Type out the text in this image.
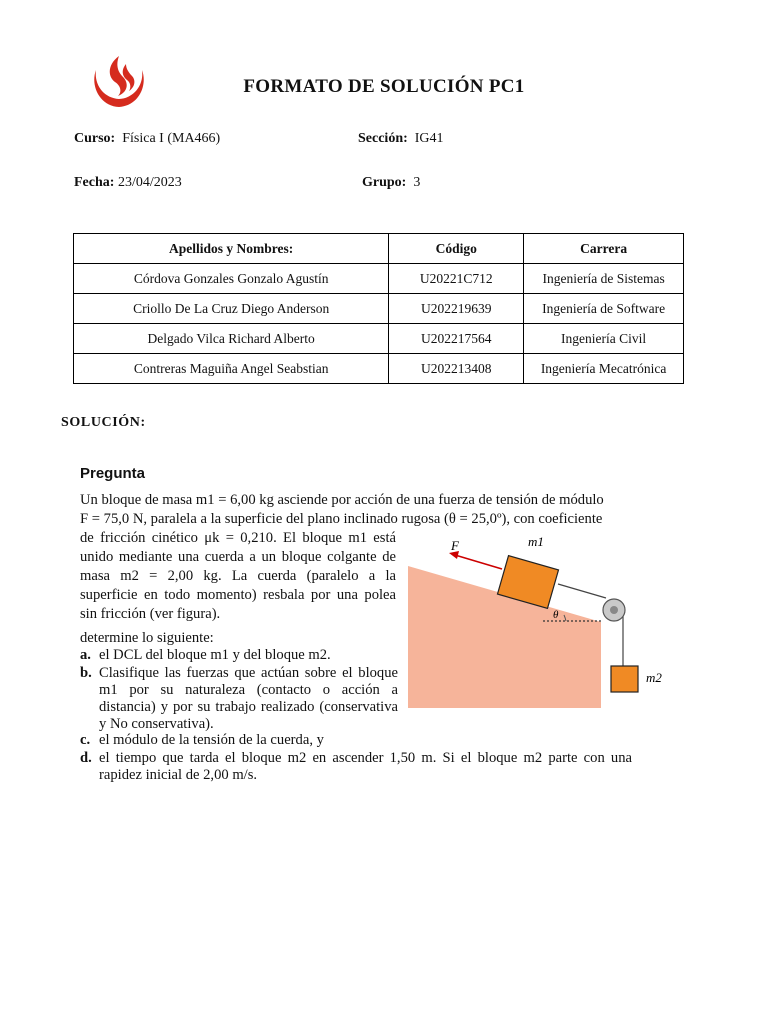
FORMATO DE SOLUCIÓN PC1
Curso: Física I (MA466)	Sección: IG41
Fecha: 23/04/2023	Grupo: 3
Apellidos y Nombres:	Código	Carrera
Córdova Gonzales Gonzalo Agustín	U20221C712	Ingeniería de Sistemas
Criollo De La Cruz Diego Anderson	U202219639	Ingeniería de Software
Delgado Vilca Richard Alberto	U202217564	Ingeniería Civil
Contreras Maguiña Angel Seabstian	U202213408	Ingeniería Mecatrónica
SOLUCIÓN:
Pregunta
Un bloque de masa m1 = 6,00 kg asciende por acción de una fuerza de tensión de módulo
F = 75,0 N, paralela a la superficie del plano inclinado rugosa (θ = 25,0º), con coeficiente
de fricción cinético μk = 0,210. El bloque m1 está unido mediante una cuerda a un bloque colgante de masa m2 = 2,00 kg. La cuerda (paralelo a la superficie en todo momento) resbala por una polea sin fricción (ver figura).
determine lo siguiente:
a. el DCL del bloque m1 y del bloque m2.
b. Clasifique las fuerzas que actúan sobre el bloque m1 por su naturaleza (contacto o acción a distancia) y por su trabajo realizado (conservativa y No conservativa).
c. el módulo de la tensión de la cuerda, y
d. el tiempo que tarda el bloque m2 en ascender 1,50 m. Si el bloque m2 parte con una rapidez inicial de 2,00 m/s.
F	m1
θ
m2
